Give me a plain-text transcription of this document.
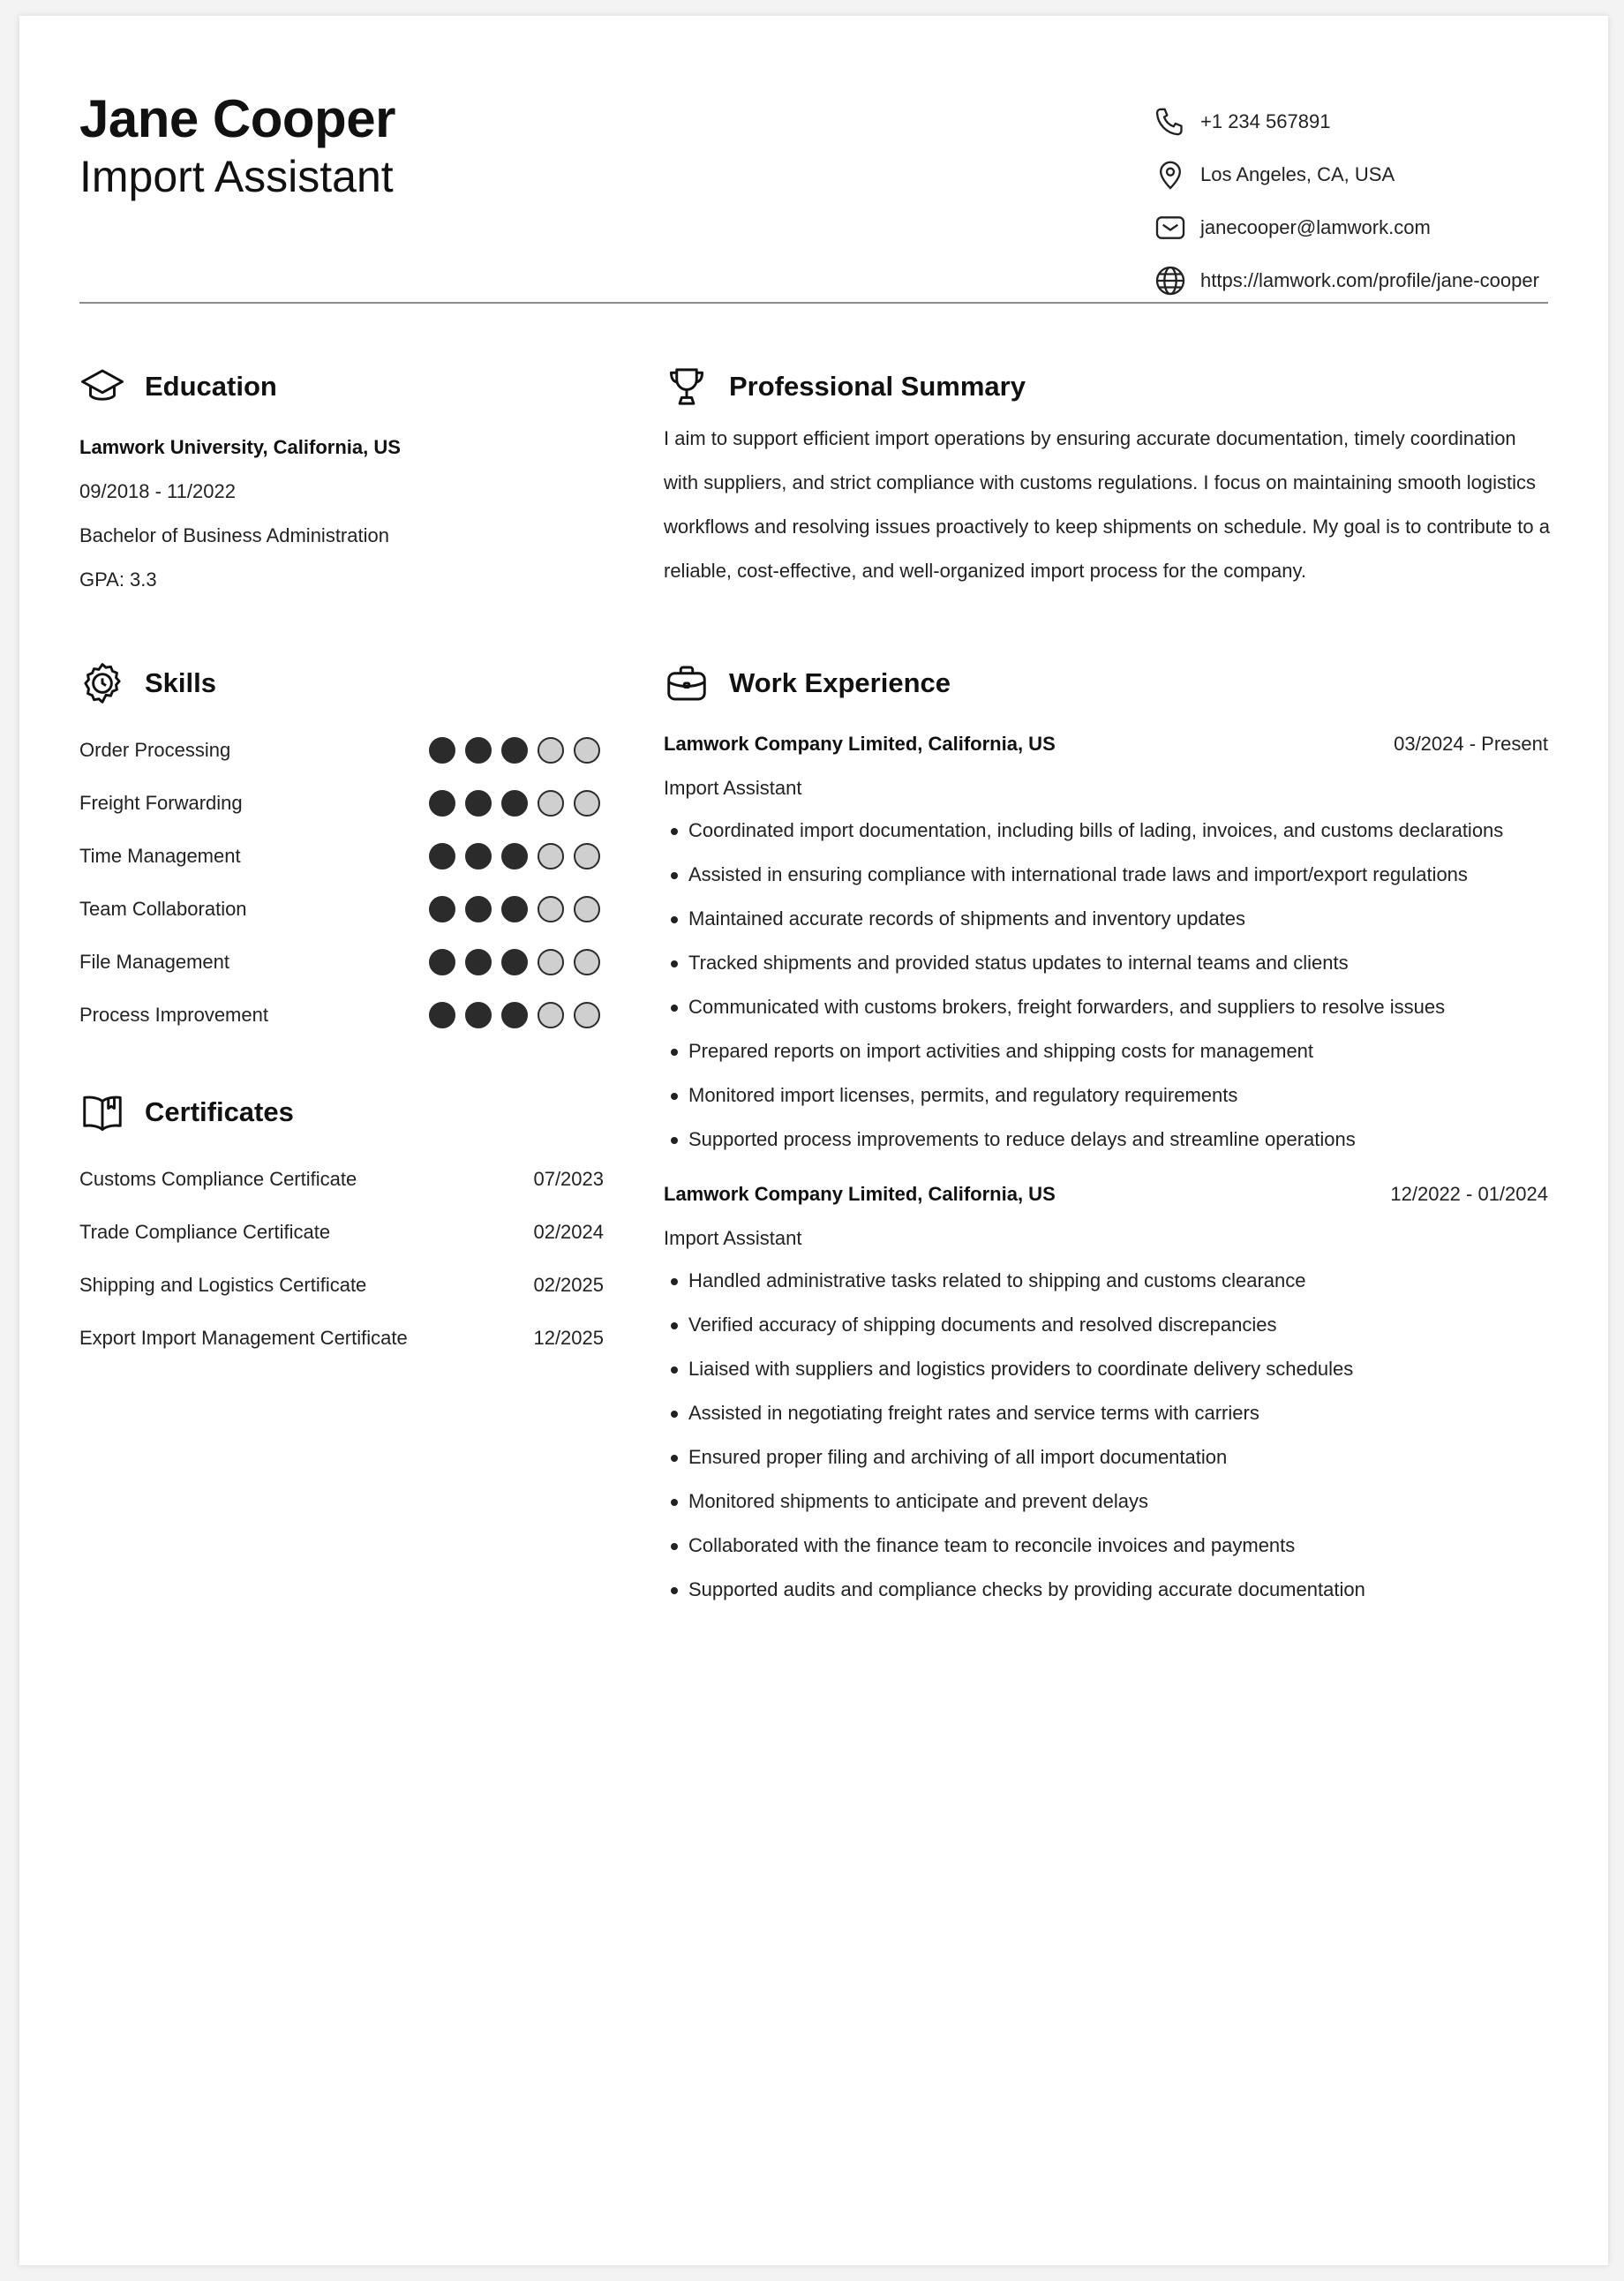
Jane Cooper
Import Assistant
+1 234 567891
Los Angeles, CA, USA
janecooper@lamwork.com
https://lamwork.com/profile/jane-cooper
Education
Lamwork University, California, US
09/2018 - 11/2022
Bachelor of Business Administration
GPA: 3.3
Skills
Order Processing
Freight Forwarding
Time Management
Team Collaboration
File Management
Process Improvement
Certificates
Customs Compliance Certificate	07/2023
Trade Compliance Certificate	02/2024
Shipping and Logistics Certificate	02/2025
Export Import Management Certificate	12/2025
Professional Summary
I aim to support efficient import operations by ensuring accurate documentation, timely coordination with suppliers, and strict compliance with customs regulations. I focus on maintaining smooth logistics workflows and resolving issues proactively to keep shipments on schedule. My goal is to contribute to a reliable, cost-effective, and well-organized import process for the company.
Work Experience
Lamwork Company Limited, California, US	03/2024 - Present
Import Assistant
Coordinated import documentation, including bills of lading, invoices, and customs declarations
Assisted in ensuring compliance with international trade laws and import/export regulations
Maintained accurate records of shipments and inventory updates
Tracked shipments and provided status updates to internal teams and clients
Communicated with customs brokers, freight forwarders, and suppliers to resolve issues
Prepared reports on import activities and shipping costs for management
Monitored import licenses, permits, and regulatory requirements
Supported process improvements to reduce delays and streamline operations
Lamwork Company Limited, California, US	12/2022 - 01/2024
Import Assistant
Handled administrative tasks related to shipping and customs clearance
Verified accuracy of shipping documents and resolved discrepancies
Liaised with suppliers and logistics providers to coordinate delivery schedules
Assisted in negotiating freight rates and service terms with carriers
Ensured proper filing and archiving of all import documentation
Monitored shipments to anticipate and prevent delays
Collaborated with the finance team to reconcile invoices and payments
Supported audits and compliance checks by providing accurate documentation
